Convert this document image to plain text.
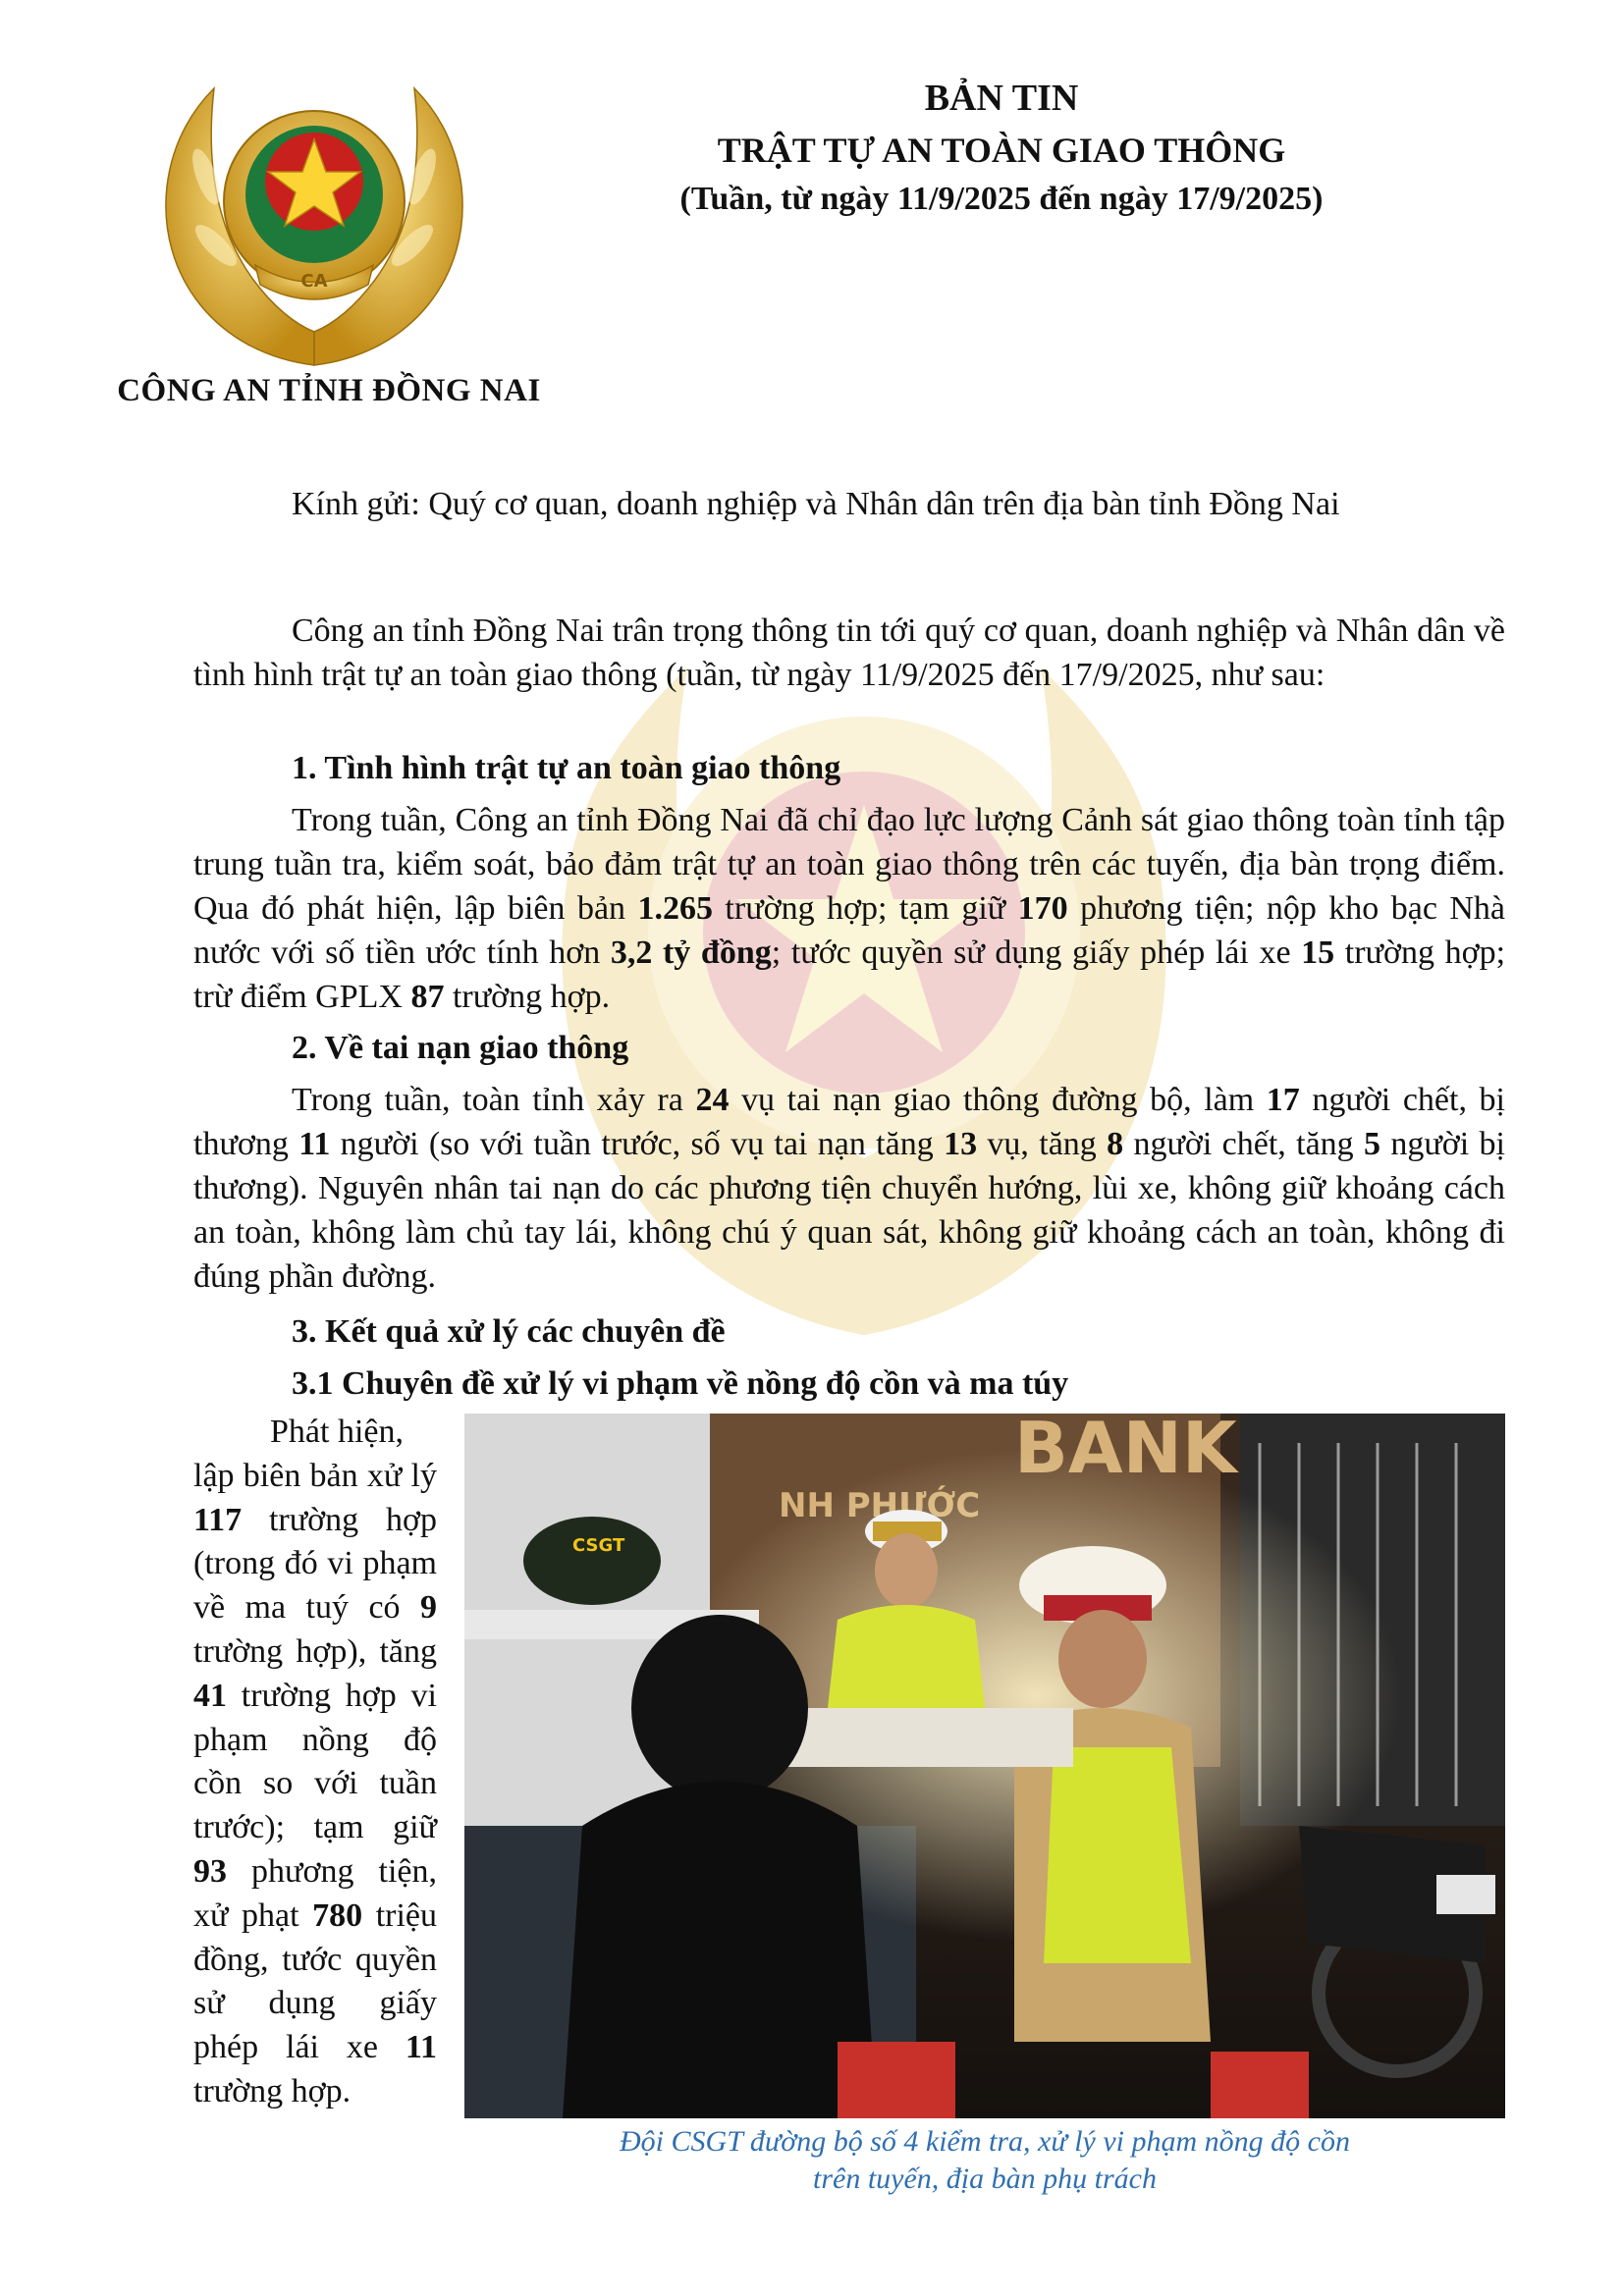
CA
CÔNG AN TỈNH ĐỒNG NAI
BẢN TIN
TRẬT TỰ AN TOÀN GIAO THÔNG
(Tuần, từ ngày 11/9/2025 đến ngày 17/9/2025)
Kính gửi: Quý cơ quan, doanh nghiệp và Nhân dân trên địa bàn tỉnh Đồng Nai
Công an tỉnh Đồng Nai trân trọng thông tin tới quý cơ quan, doanh nghiệp và Nhân dân về tình hình trật tự an toàn giao thông (tuần, từ ngày 11/9/2025 đến 17/9/2025, như sau:
1. Tình hình trật tự an toàn giao thông
Trong tuần, Công an tỉnh Đồng Nai đã chỉ đạo lực lượng Cảnh sát giao thông toàn tỉnh tập trung tuần tra, kiểm soát, bảo đảm trật tự an toàn giao thông trên các tuyến, địa bàn trọng điểm. Qua đó phát hiện, lập biên bản 1.265 trường hợp; tạm giữ 170 phương tiện; nộp kho bạc Nhà nước với số tiền ước tính hơn 3,2 tỷ đồng; tước quyền sử dụng giấy phép lái xe 15 trường hợp; trừ điểm GPLX 87 trường hợp.
2. Về tai nạn giao thông
Trong tuần, toàn tỉnh xảy ra 24 vụ tai nạn giao thông đường bộ, làm 17 người chết, bị thương 11 người (so với tuần trước, số vụ tai nạn tăng 13 vụ, tăng 8 người chết, tăng 5 người bị thương). Nguyên nhân tai nạn do các phương tiện chuyển hướng, lùi xe, không giữ khoảng cách an toàn, không làm chủ tay lái, không chú ý quan sát, không giữ khoảng cách an toàn, không đi đúng phần đường.
3. Kết quả xử lý các chuyên đề
3.1 Chuyên đề xử lý vi phạm về nồng độ cồn và ma túy
Phát hiện,
lập biên bản xử lý 117 trường hợp (trong đó vi phạm về ma tuý có 9 trường hợp), tăng 41 trường hợp vi phạm nồng độ cồn so với tuần trước); tạm giữ 93 phương tiện, xử phạt 780 triệu đồng, tước quyền sử dụng giấy phép lái xe 11 trường hợp.
Đội CSGT đường bộ số 4 kiểm tra, xử lý vi phạm nồng độ cồn
trên tuyến, địa bàn phụ trách
